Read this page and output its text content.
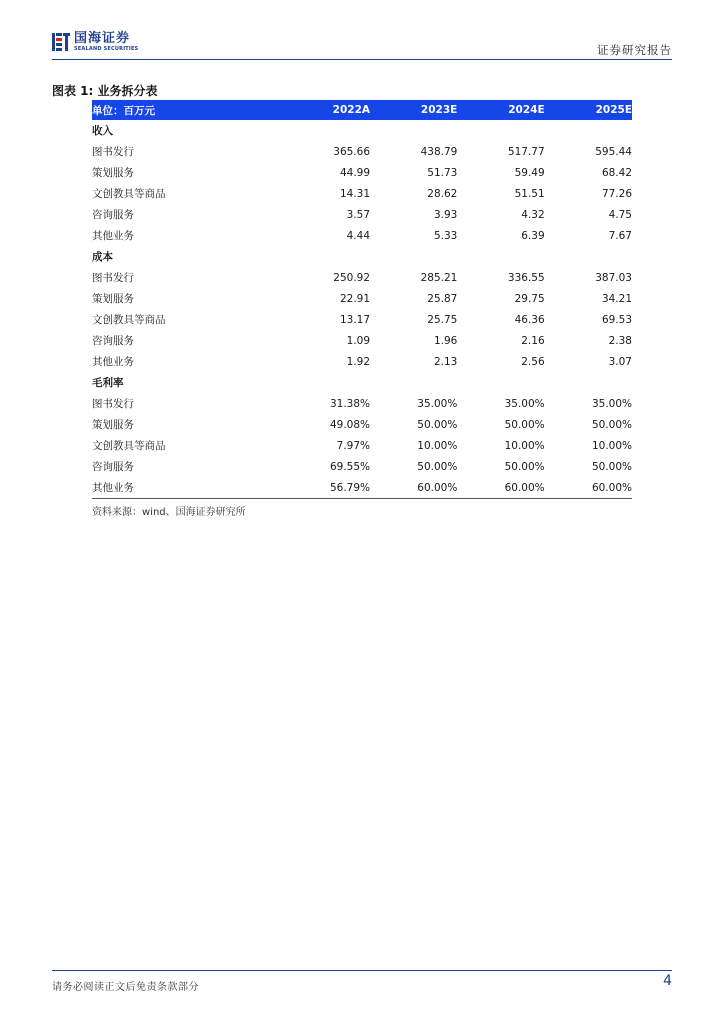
国海证券
SEALAND SECURITIES	证券研究报告
图表 1: 业务拆分表
单位：百万元	2022A	2023E	2024E	2025E
收入				
图书发行	365.66	438.79	517.77	595.44
策划服务	44.99	51.73	59.49	68.42
文创教具等商品	14.31	28.62	51.51	77.26
咨询服务	3.57	3.93	4.32	4.75
其他业务	4.44	5.33	6.39	7.67
成本				
图书发行	250.92	285.21	336.55	387.03
策划服务	22.91	25.87	29.75	34.21
文创教具等商品	13.17	25.75	46.36	69.53
咨询服务	1.09	1.96	2.16	2.38
其他业务	1.92	2.13	2.56	3.07
毛利率				
图书发行	31.38%	35.00%	35.00%	35.00%
策划服务	49.08%	50.00%	50.00%	50.00%
文创教具等商品	7.97%	10.00%	10.00%	10.00%
咨询服务	69.55%	50.00%	50.00%	50.00%
其他业务	56.79%	60.00%	60.00%	60.00%
资料来源：wind、国海证券研究所
请务必阅读正文后免责条款部分	4
